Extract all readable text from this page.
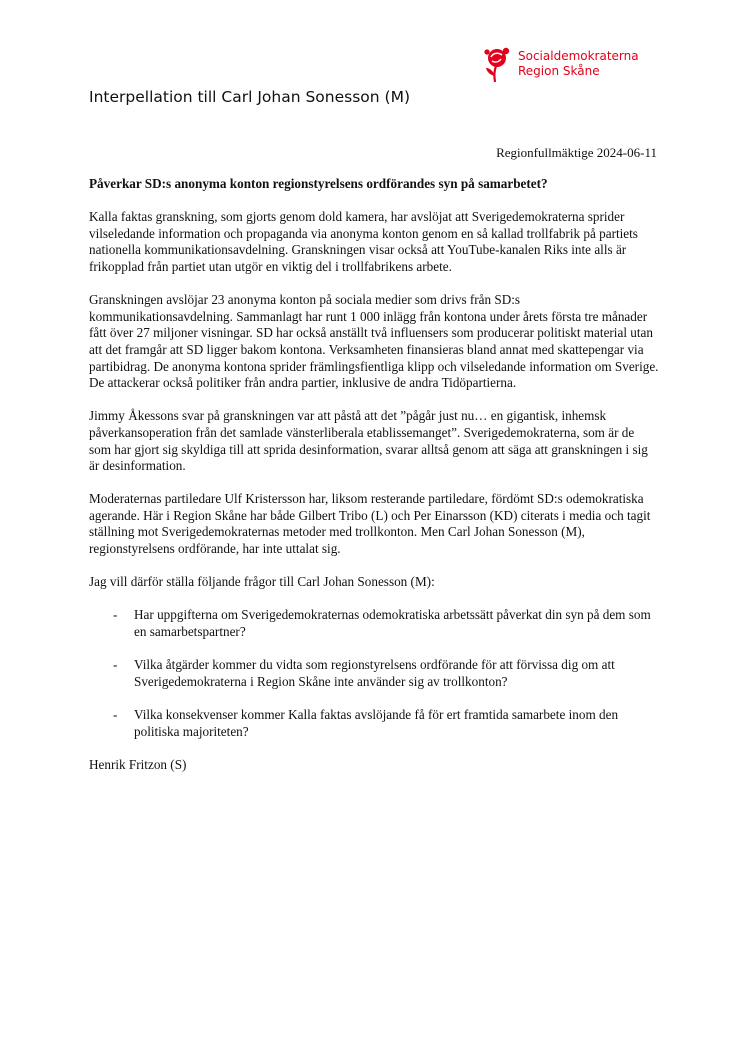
Socialdemokraterna
Region Skåne
Interpellation till Carl Johan Sonesson (M)
Regionfullmäktige 2024-06-11

Påverkar SD:s anonyma konton regionstyrelsens ordförandes syn på samarbetet?

Kalla faktas granskning, som gjorts genom dold kamera, har avslöjat att Sverigedemokraterna sprider vilseledande information och propaganda via anonyma konton genom en så kallad trollfabrik på partiets nationella kommunikationsavdelning. Granskningen visar också att YouTube-kanalen Riks inte alls är frikopplad från partiet utan utgör en viktig del i trollfabrikens arbete.

Granskningen avslöjar 23 anonyma konton på sociala medier som drivs från SD:s kommunikationsavdelning. Sammanlagt har runt 1 000 inlägg från kontona under årets första tre månader fått över 27 miljoner visningar. SD har också anställt två influensers som producerar politiskt material utan att det framgår att SD ligger bakom kontona. Verksamheten finansieras bland annat med skattepengar via partibidrag. De anonyma kontona sprider främlingsfientliga klipp och vilseledande information om Sverige. De attackerar också politiker från andra partier, inklusive de andra Tidöpartierna.

Jimmy Åkessons svar på granskningen var att påstå att det ”pågår just nu… en gigantisk, inhemsk påverkansoperation från det samlade vänsterliberala etablissemanget”. Sverigedemokraterna, som är de som har gjort sig skyldiga till att sprida desinformation, svarar alltså genom att säga att granskningen i sig är desinformation.

Moderaternas partiledare Ulf Kristersson har, liksom resterande partiledare, fördömt SD:s odemokratiska agerande. Här i Region Skåne har både Gilbert Tribo (L) och Per Einarsson (KD) citerats i media och tagit ställning mot Sverigedemokraternas metoder med trollkonton. Men Carl Johan Sonesson (M), regionstyrelsens ordförande, har inte uttalat sig.

Jag vill därför ställa följande frågor till Carl Johan Sonesson (M):

- Har uppgifterna om Sverigedemokraternas odemokratiska arbetssätt påverkat din syn på dem som en samarbetspartner?
- Vilka åtgärder kommer du vidta som regionstyrelsens ordförande för att förvissa dig om att Sverigedemokraterna i Region Skåne inte använder sig av trollkonton?
- Vilka konsekvenser kommer Kalla faktas avslöjande få för ert framtida samarbete inom den politiska majoriteten?

Henrik Fritzon (S)
